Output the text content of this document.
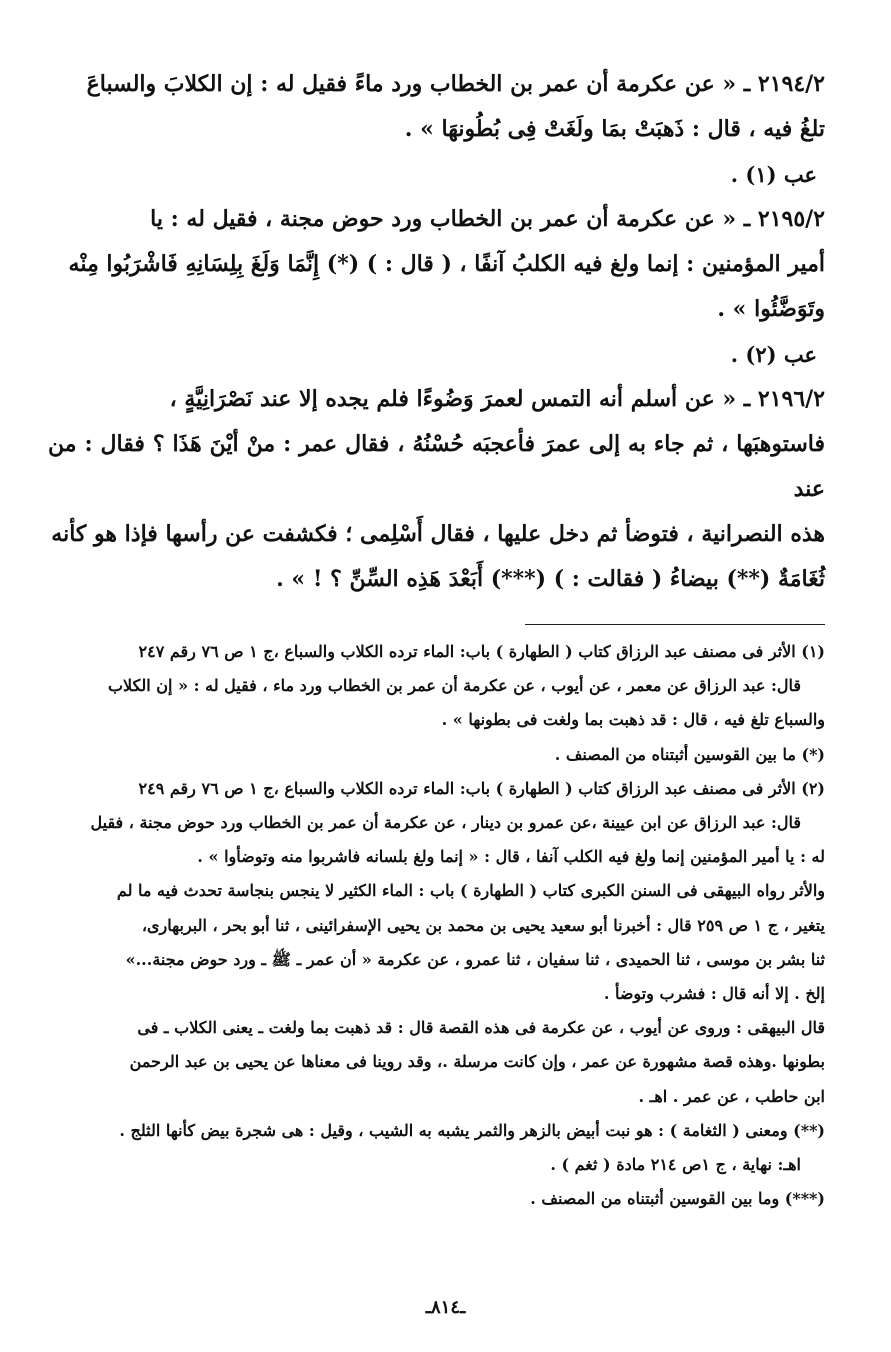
٢١٩٤/٢ ـ « عن عكرمة أن عمر بن الخطاب ورد ماءً فقيل له : إن الكلابَ والسباعَ

تلغُ فيه ، قال : ذَهبَتْ بمَا ولَغَتْ فِى بُطُونهَا » .

عب (١) .

٢١٩٥/٢ ـ « عن عكرمة أن عمر بن الخطاب ورد حوض مجنة ، فقيل له : يا

أمير المؤمنين : إنما ولغ فيه الكلبُ آنفًا ، ( قال : ) (*) إِنَّمَا وَلَغَ بِلِسَانِهِ فَاشْرَبُوا مِنْه

وتَوَضَّئُوا » .

عب (٢) .

٢١٩٦/٢ ـ « عن أسلم أنه التمس لعمرَ وَضُوءًا فلم يجده إلا عند نَصْرَانِيَّةٍ ،

فاستوهبَها ، ثم جاء به إلى عمرَ فأعجبَه حُسْنُهُ ، فقال عمر : منْ أيْنَ هَذَا ؟ فقال : من عند

هذه النصرانية ، فتوضأ ثم دخل عليها ، فقال أَسْلِمى ؛ فكشفت عن رأسها فإذا هو كأنه

ثُغَامَةٌ (**) بيضاءُ ( فقالت : ) (***) أَبَعْدَ هَذِه السِّنِّ ؟ ! » .

(١) الأثر فى مصنف عبد الرزاق كتاب ( الطهارة ) باب: الماء ترده الكلاب والسباع ،ج ١ ص ٧٦ رقم ٢٤٧

قال: عبد الرزاق عن معمر ، عن أيوب ، عن عكرمة أن عمر بن الخطاب ورد ماء ، فقيل له : « إن الكلاب

والسباع تلغ فيه ، قال : قد ذهبت بما ولغت فى بطونها » .

(*) ما بين القوسين أثبتناه من المصنف .

(٢) الأثر فى مصنف عبد الرزاق كتاب ( الطهارة ) باب: الماء ترده الكلاب والسباع ،ج ١ ص ٧٦ رقم ٢٤٩

قال: عبد الرزاق عن ابن عيينة ،عن عمرو بن دينار ، عن عكرمة أن عمر بن الخطاب ورد حوض مجنة ، فقيل

له : يا أمير المؤمنين إنما ولغ فيه الكلب آنفا ، قال : « إنما ولغ بلسانه فاشربوا منه وتوضأوا » .

والأثر رواه البيهقى فى السنن الكبرى كتاب ( الطهارة ) باب : الماء الكثير لا ينجس بنجاسة تحدث فيه ما لم

يتغير ، ج ١ ص ٢٥٩ قال : أخبرنا أبو سعيد يحيى بن محمد بن يحيى الإسفرائينى ، ثنا أبو بحر ، البربهارى،

ثنا بشر بن موسى ، ثنا الحميدى ، ثنا سفيان ، ثنا عمرو ، عن عكرمة « أن عمر ـ ﷺ ـ ورد حوض مجنة...»

إلخ . إلا أنه قال : فشرب وتوضأ .

قال البيهقى : وروى عن أيوب ، عن عكرمة فى هذه القصة قال : قد ذهبت بما ولغت ـ يعنى الكلاب ـ فى

بطونها .وهذه قصة مشهورة عن عمر ، وإن كانت مرسلة .، وقد روينا فى معناها عن يحيى بن عبد الرحمن

ابن حاطب ، عن عمر . اهـ .

(**) ومعنى ( الثغامة ) : هو نبت أبيض بالزهر والثمر يشبه به الشيب ، وقيل : هى شجرة بيض كأنها الثلج .

اهـ: نهاية ، ج ١ص ٢١٤ مادة ( ثغم ) .

(***) وما بين القوسين أثبتناه من المصنف .

ـ٨١٤ـ
